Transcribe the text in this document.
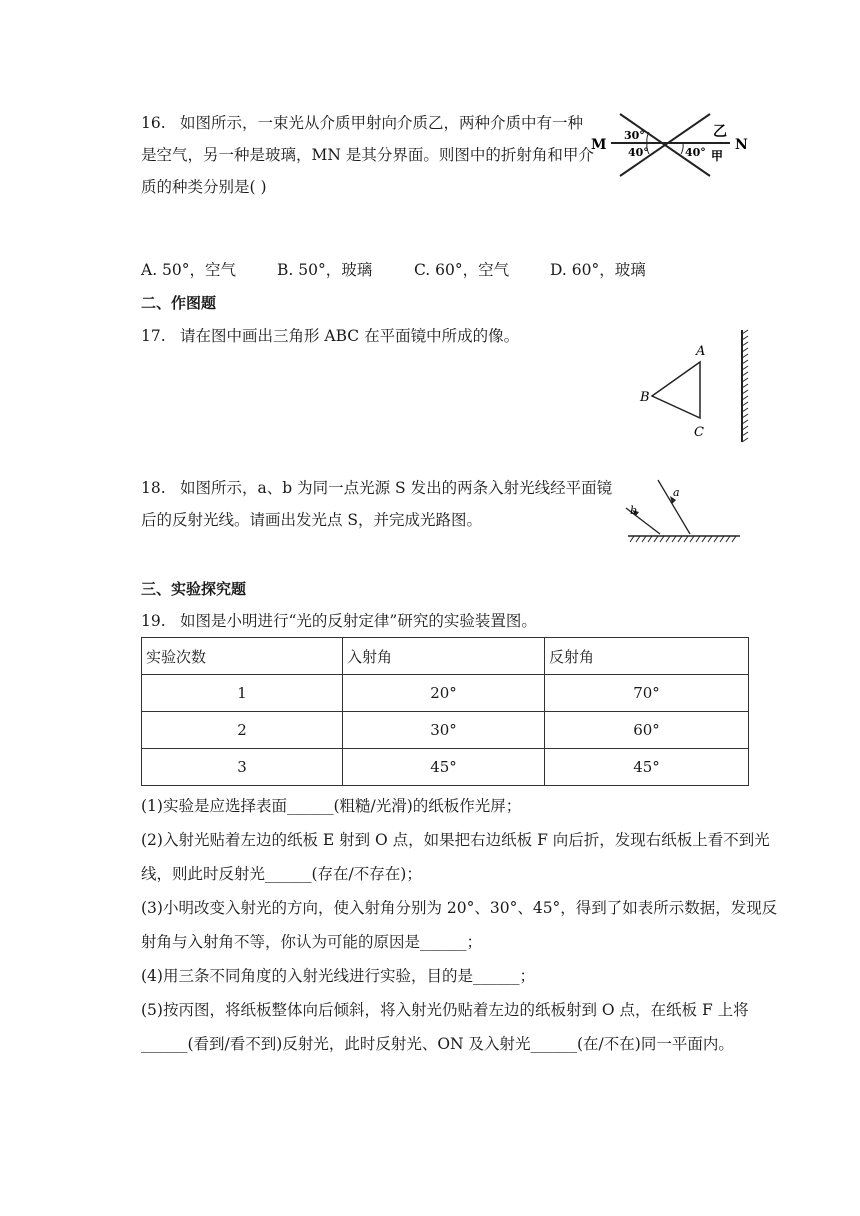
16. 如图所示，一束光从介质甲射向介质乙，两种介质中有一种
是空气，另一种是玻璃，MN 是其分界面。则图中的折射角和甲介
质的种类分别是( )
M	N
30°
40°	40°
乙
甲
A. 50°，空气	B. 50°，玻璃	C. 60°，空气	D. 60°，玻璃
二、作图题
17. 请在图中画出三角形 ABC 在平面镜中所成的像。
A
B
C
18. 如图所示，a、b 为同一点光源 S 发出的两条入射光线经平面镜
后的反射光线。请画出发光点 S，并完成光路图。
a
b
三、实验探究题
19. 如图是小明进行“光的反射定律”研究的实验装置图。
实验次数	入射角	反射角
1	20°	70°
2	30°	60°
3	45°	45°
(1)实验是应选择表面______(粗糙/光滑)的纸板作光屏；
(2)入射光贴着左边的纸板 E 射到 O 点，如果把右边纸板 F 向后折，发现右纸板上看不到光
线，则此时反射光______(存在/不存在)；
(3)小明改变入射光的方向，使入射角分别为 20°、30°、45°，得到了如表所示数据，发现反
射角与入射角不等，你认为可能的原因是______；
(4)用三条不同角度的入射光线进行实验，目的是______；
(5)按丙图，将纸板整体向后倾斜，将入射光仍贴着左边的纸板射到 O 点，在纸板 F 上将
______(看到/看不到)反射光，此时反射光、ON 及入射光______(在/不在)同一平面内。
